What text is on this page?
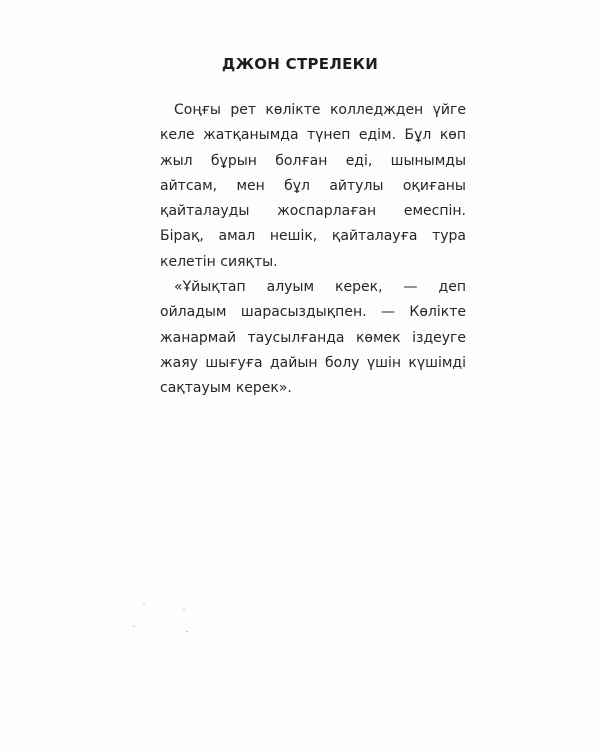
ДЖОН СТРЕЛЕКИ

Соңғы рет көлікте колледжден үйге келе жатқанымда түнеп едім. Бұл көп жыл бұрын болған еді, шынымды айтсам, мен бұл айтулы оқиғаны қайталауды жоспарлаған емеспін. Бірақ, амал нешік, қайталауға тура келетін сияқты.

«Ұйықтап алуым керек, — деп ойладым шарасыздықпен. — Көлікте жанармай таусылғанда көмек іздеуге жаяу шығуға дайын болу үшін күшімді сақтауым керек».
